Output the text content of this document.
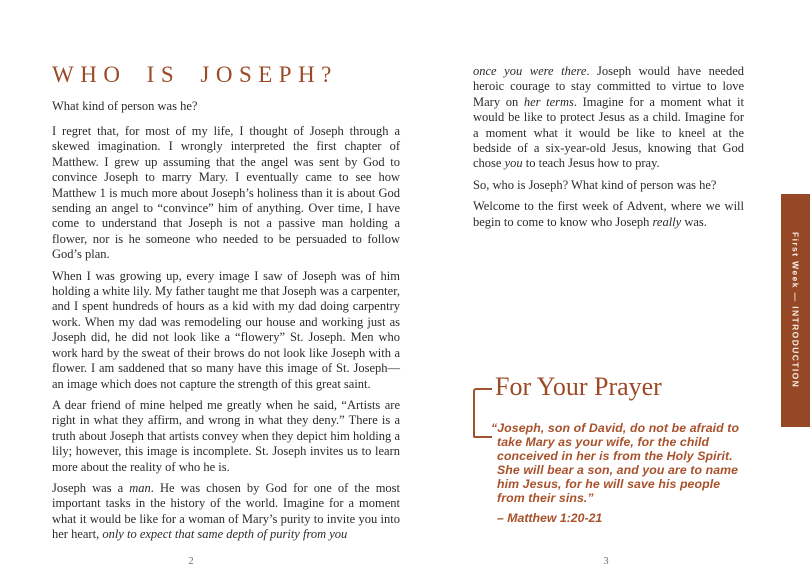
WHO IS JOSEPH?

What kind of person was he?

I regret that, for most of my life, I thought of Joseph through a skewed imagination. I wrongly interpreted the first chapter of Matthew. I grew up assuming that the angel was sent by God to convince Joseph to marry Mary. I eventually came to see how Matthew 1 is much more about Joseph’s holiness than it is about God sending an angel to “convince” him of anything. Over time, I have come to understand that Joseph is not a passive man holding a flower, nor is he someone who needed to be persuaded to follow God’s plan.

When I was growing up, every image I saw of Joseph was of him holding a white lily. My father taught me that Joseph was a carpenter, and I spent hundreds of hours as a kid with my dad doing carpentry work. When my dad was remodeling our house and working just as Joseph did, he did not look like a “flowery” St. Joseph. Men who work hard by the sweat of their brows do not look like Joseph with a flower. I am saddened that so many have this image of St. Joseph—an image which does not capture the strength of this great saint.

A dear friend of mine helped me greatly when he said, “Artists are right in what they affirm, and wrong in what they deny.” There is a truth about Joseph that artists convey when they depict him holding a lily; however, this image is incomplete. St. Joseph invites us to learn more about the reality of who he is.

Joseph was a man. He was chosen by God for one of the most important tasks in the history of the world. Imagine for a moment what it would be like for a woman of Mary’s purity to invite you into her heart, only to expect that same depth of purity from you

2

once you were there. Joseph would have needed heroic courage to stay committed to virtue to love Mary on her terms. Imagine for a moment what it would be like to protect Jesus as a child. Imagine for a moment what it would be like to kneel at the bedside of a six-year-old Jesus, knowing that God chose you to teach Jesus how to pray.

So, who is Joseph? What kind of person was he?

Welcome to the first week of Advent, where we will begin to come to know who Joseph really was.

For Your Prayer

“Joseph, son of David, do not be afraid to take Mary as your wife, for the child conceived in her is from the Holy Spirit. She will bear a son, and you are to name him Jesus, for he will save his people from their sins.”

– Matthew 1:20-21

3
First Week — INTRODUCTION
